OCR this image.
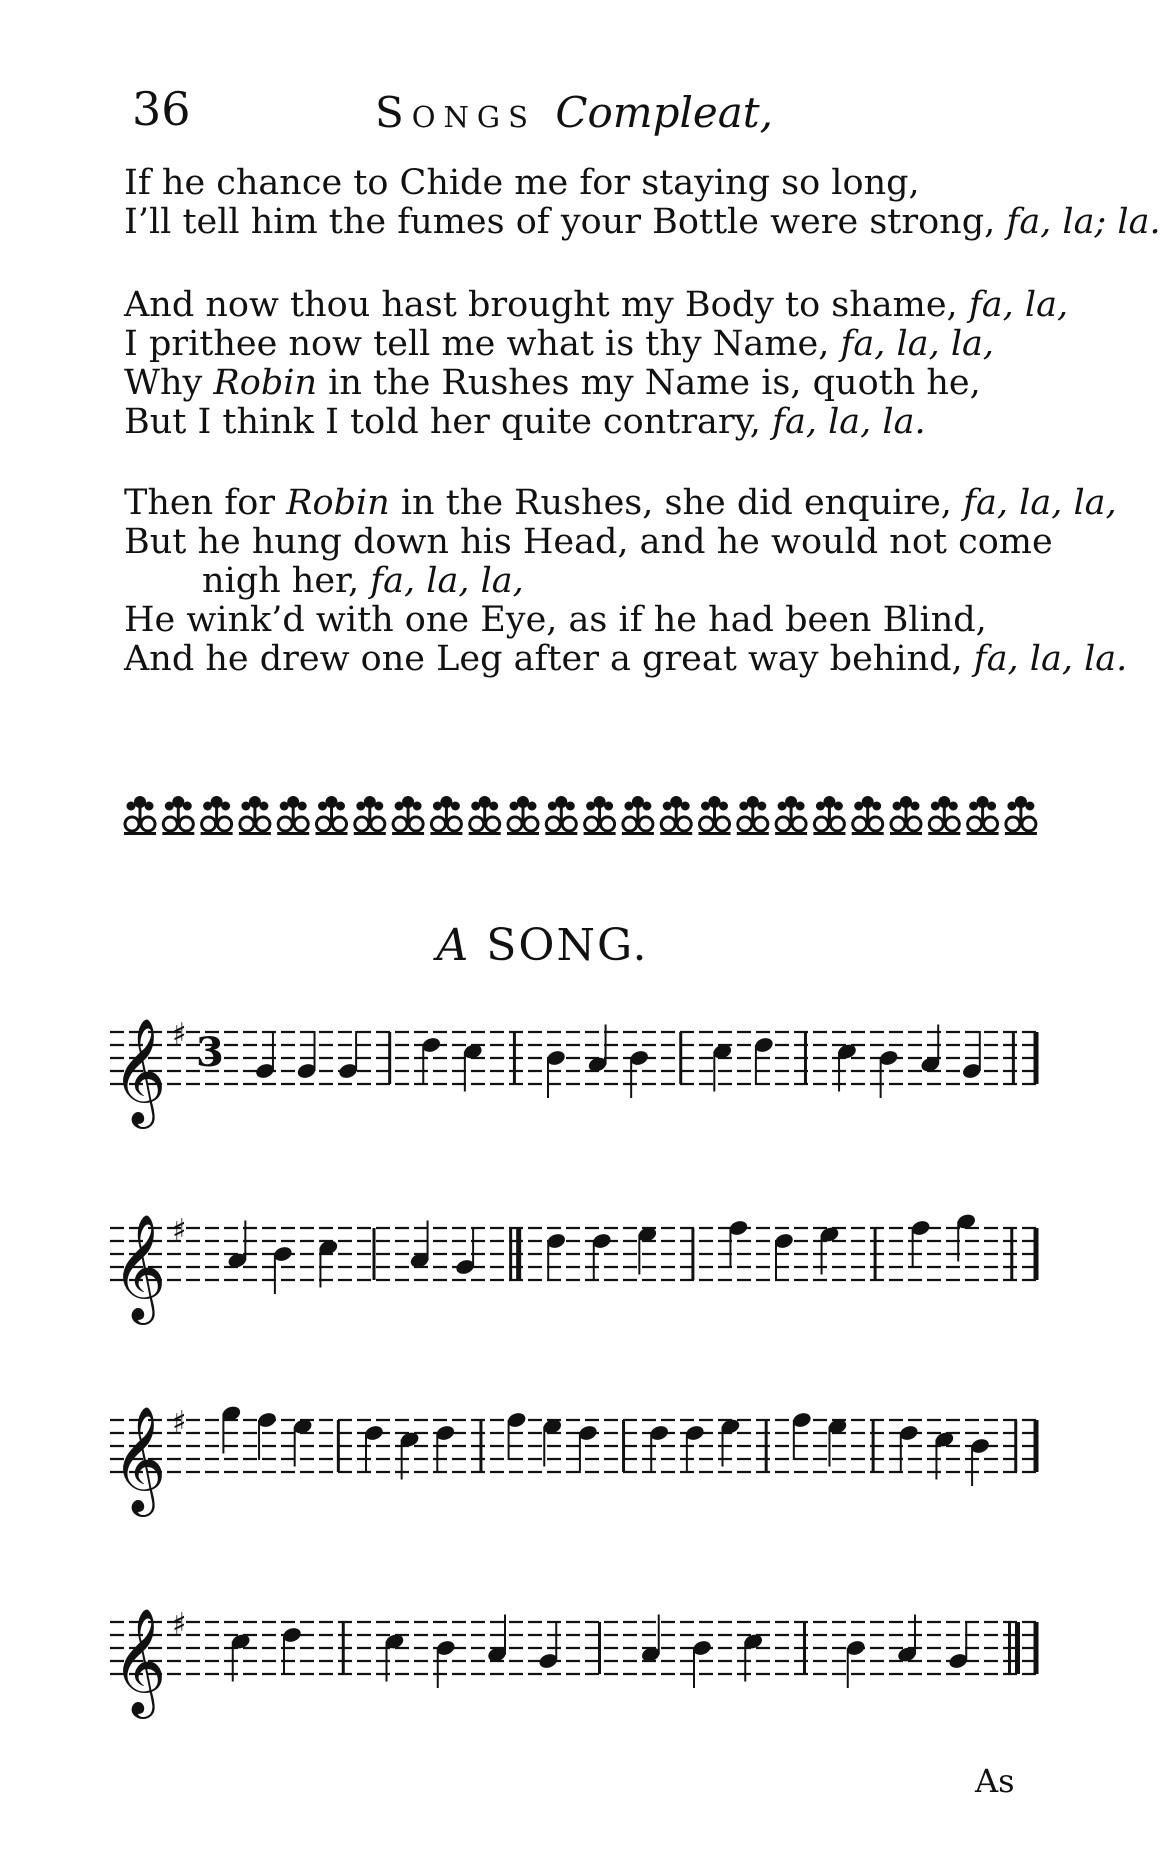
36	Songs Compleat,
If he chance to Chide me for staying so long,
I’ll tell him the fumes of your Bottle were strong, fa, la; la.
And now thou hast brought my Body to shame, fa, la,
I prithee now tell me what is thy Name, fa, la, la,
Why Robin in the Rushes my Name is, quoth he,
But I think I told her quite contrary, fa, la, la.
Then for Robin in the Rushes, she did enquire, fa, la, la,
But he hung down his Head, and he would not come
nigh her, fa, la, la,
He wink’d with one Eye, as if he had been Blind,
And he drew one Leg after a great way behind, fa, la, la.
A SONG.
𝄞 ♯ 3
𝄞 ♯
𝄞 ♯
𝄞 ♯
As
